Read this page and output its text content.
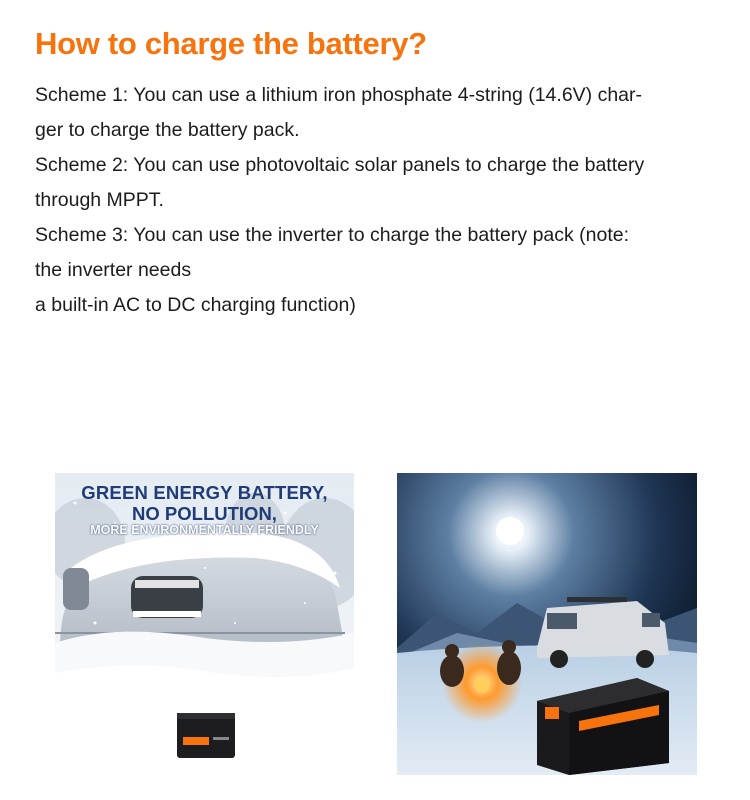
How to charge the battery?
Scheme 1: You can use a lithium iron phosphate 4-string (14.6V) char-
ger to charge the battery pack.
Scheme 2: You can use photovoltaic solar panels to charge the battery
through MPPT.
Scheme 3: You can use the inverter to charge the battery pack (note:
the inverter needs
a built-in AC to DC charging function)
GREEN ENERGY BATTERY,
NO POLLUTION,
MORE ENVIRONMENTALLY FRIENDLY
